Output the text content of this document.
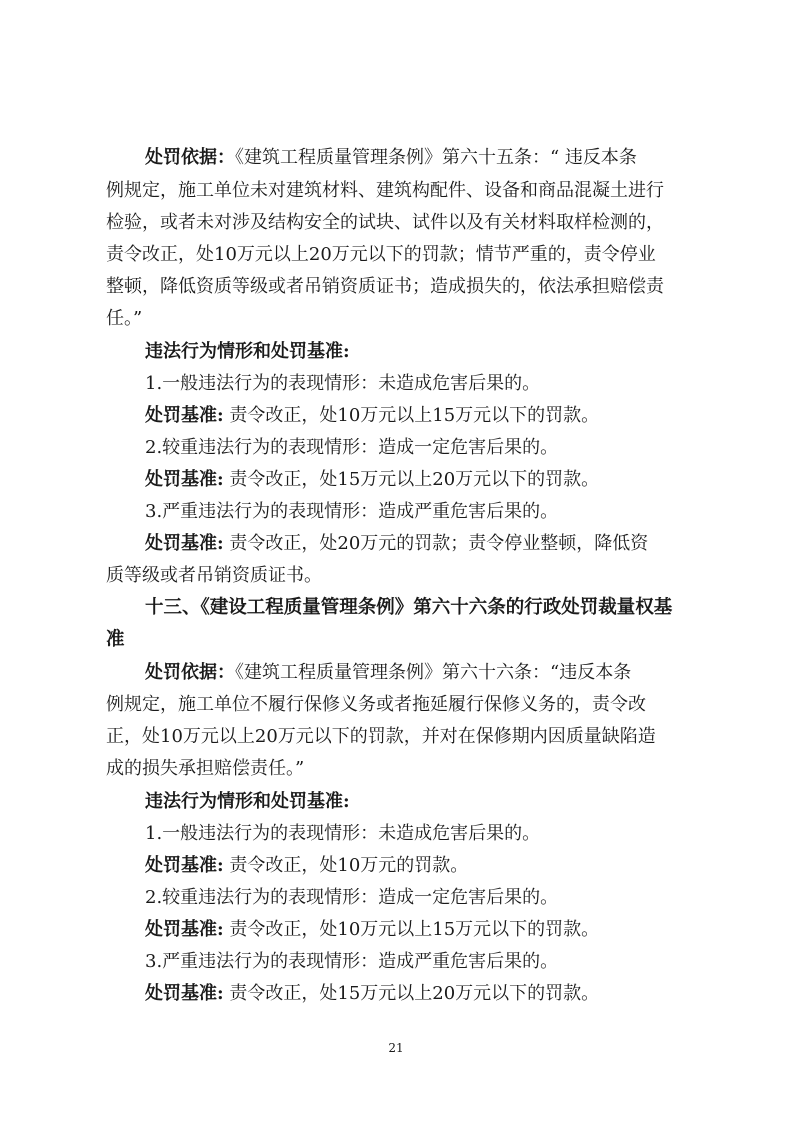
处罚依据：《建筑工程质量管理条例》第六十五条：“ 违反本条
例规定，施工单位未对建筑材料、建筑构配件、设备和商品混凝土进行
检验，或者未对涉及结构安全的试块、试件以及有关材料取样检测的，
责令改正，处10万元以上20万元以下的罚款；情节严重的，责令停业
整顿，降低资质等级或者吊销资质证书；造成损失的，依法承担赔偿责
任。”
违法行为情形和处罚基准:
1.一般违法行为的表现情形：未造成危害后果的。
处罚基准: 责令改正，处10万元以上15万元以下的罚款。
2.较重违法行为的表现情形：造成一定危害后果的。
处罚基准: 责令改正，处15万元以上20万元以下的罚款。
3.严重违法行为的表现情形：造成严重危害后果的。
处罚基准: 责令改正，处20万元的罚款；责令停业整顿，降低资
质等级或者吊销资质证书。
十三、《建设工程质量管理条例》第六十六条的行政处罚裁量权基
准
处罚依据：《建筑工程质量管理条例》第六十六条：“违反本条
例规定，施工单位不履行保修义务或者拖延履行保修义务的，责令改
正，处10万元以上20万元以下的罚款，并对在保修期内因质量缺陷造
成的损失承担赔偿责任。”
违法行为情形和处罚基准:
1.一般违法行为的表现情形：未造成危害后果的。
处罚基准: 责令改正，处10万元的罚款。
2.较重违法行为的表现情形：造成一定危害后果的。
处罚基准: 责令改正，处10万元以上15万元以下的罚款。
3.严重违法行为的表现情形：造成严重危害后果的。
处罚基准: 责令改正，处15万元以上20万元以下的罚款。
21
